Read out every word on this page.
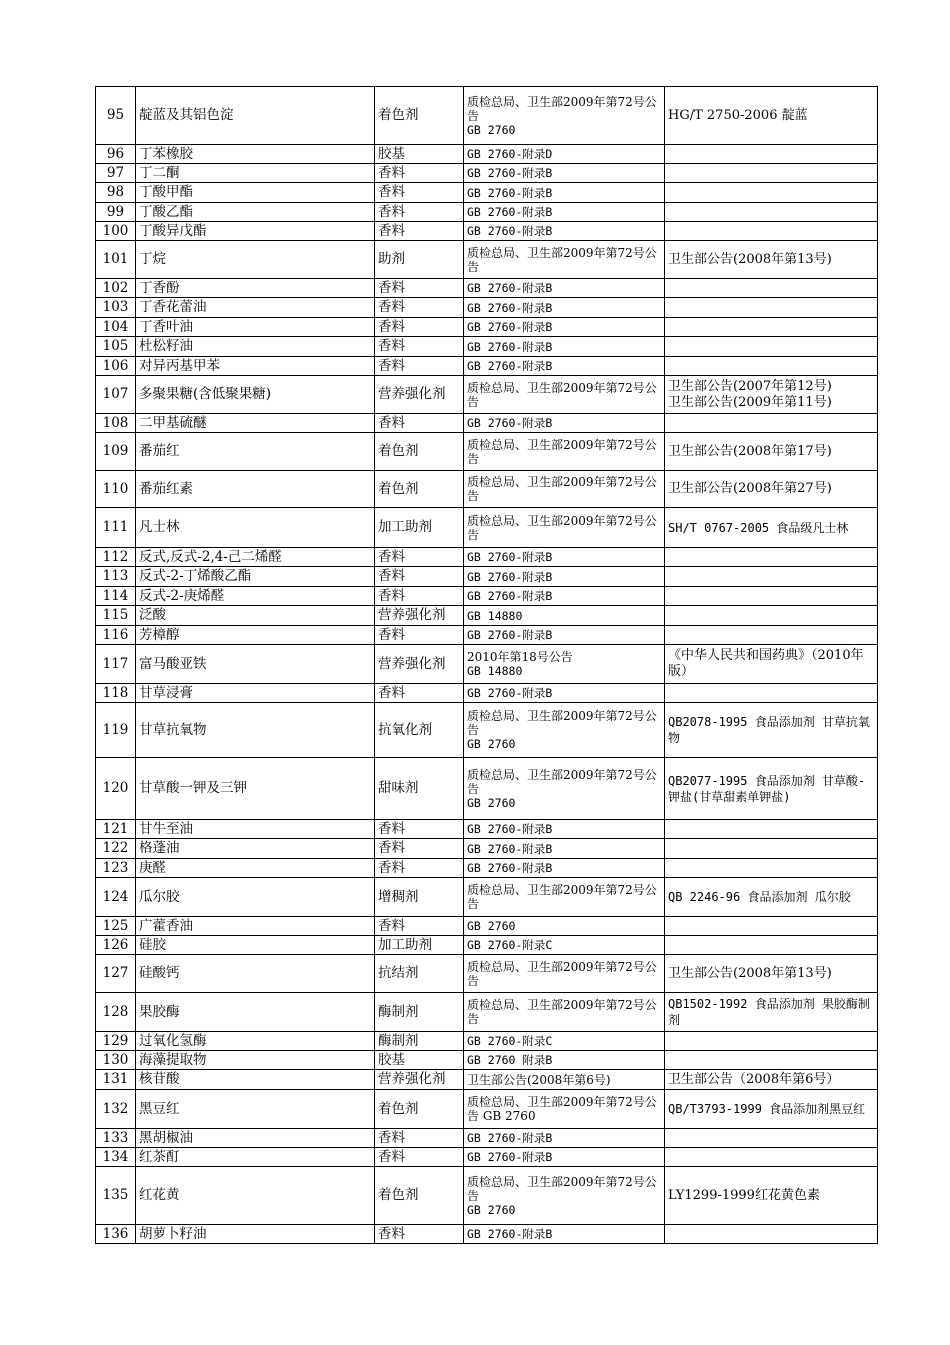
95	靛蓝及其铝色淀	着色剂	质检总局、卫生部2009年第72号公告
GB 2760	HG/T 2750-2006 靛蓝

96	丁苯橡胶	胶基	GB 2760-附录D	

97	丁二酮	香料	GB 2760-附录B	

98	丁酸甲酯	香料	GB 2760-附录B	

99	丁酸乙酯	香料	GB 2760-附录B	

100	丁酸异戊酯	香料	GB 2760-附录B	

101	丁烷	助剂	质检总局、卫生部2009年第72号公告	卫生部公告(2008年第13号)

102	丁香酚	香料	GB 2760-附录B	

103	丁香花蕾油	香料	GB 2760-附录B	

104	丁香叶油	香料	GB 2760-附录B	

105	杜松籽油	香料	GB 2760-附录B	

106	对异丙基甲苯	香料	GB 2760-附录B	

107	多聚果糖(含低聚果糖)	营养强化剂	质检总局、卫生部2009年第72号公告	卫生部公告(2007年第12号)
卫生部公告(2009年第11号)

108	二甲基硫醚	香料	GB 2760-附录B	

109	番茄红	着色剂	质检总局、卫生部2009年第72号公告	卫生部公告(2008年第17号)

110	番茄红素	着色剂	质检总局、卫生部2009年第72号公告	卫生部公告(2008年第27号)

111	凡士林	加工助剂	质检总局、卫生部2009年第72号公告	SH/T 0767-2005 食品级凡士林

112	反式,反式-2,4-己二烯醛	香料	GB 2760-附录B	

113	反式-2-丁烯酸乙酯	香料	GB 2760-附录B	

114	反式-2-庚烯醛	香料	GB 2760-附录B	

115	泛酸	营养强化剂	GB 14880	

116	芳樟醇	香料	GB 2760-附录B	

117	富马酸亚铁	营养强化剂	2010年第18号公告
GB 14880	《中华人民共和国药典》（2010年版）

118	甘草浸膏	香料	GB 2760-附录B	

119	甘草抗氧物	抗氧化剂	质检总局、卫生部2009年第72号公告
GB 2760	QB2078-1995 食品添加剂 甘草抗氧物

120	甘草酸一钾及三钾	甜味剂	质检总局、卫生部2009年第72号公告
GB 2760	QB2077-1995 食品添加剂 甘草酸-钾盐(甘草甜素单钾盐)

121	甘牛至油	香料	GB 2760-附录B	

122	格蓬油	香料	GB 2760-附录B	

123	庚醛	香料	GB 2760-附录B	

124	瓜尔胶	增稠剂	质检总局、卫生部2009年第72号公告	QB 2246-96 食品添加剂 瓜尔胶

125	广藿香油	香料	GB 2760	

126	硅胶	加工助剂	GB 2760-附录C	

127	硅酸钙	抗结剂	质检总局、卫生部2009年第72号公告	卫生部公告(2008年第13号)

128	果胶酶	酶制剂	质检总局、卫生部2009年第72号公告	QB1502-1992 食品添加剂 果胶酶制剂

129	过氧化氢酶	酶制剂	GB 2760-附录C	

130	海藻提取物	胶基	GB 2760 附录B	

131	核苷酸	营养强化剂	卫生部公告(2008年第6号)	卫生部公告（2008年第6号）

132	黑豆红	着色剂	质检总局、卫生部2009年第72号公告 GB 2760	QB/T3793-1999 食品添加剂黑豆红

133	黑胡椒油	香料	GB 2760-附录B	

134	红茶酊	香料	GB 2760-附录B	

135	红花黄	着色剂	质检总局、卫生部2009年第72号公告
GB 2760	LY1299-1999红花黄色素

136	胡萝卜籽油	香料	GB 2760-附录B	
